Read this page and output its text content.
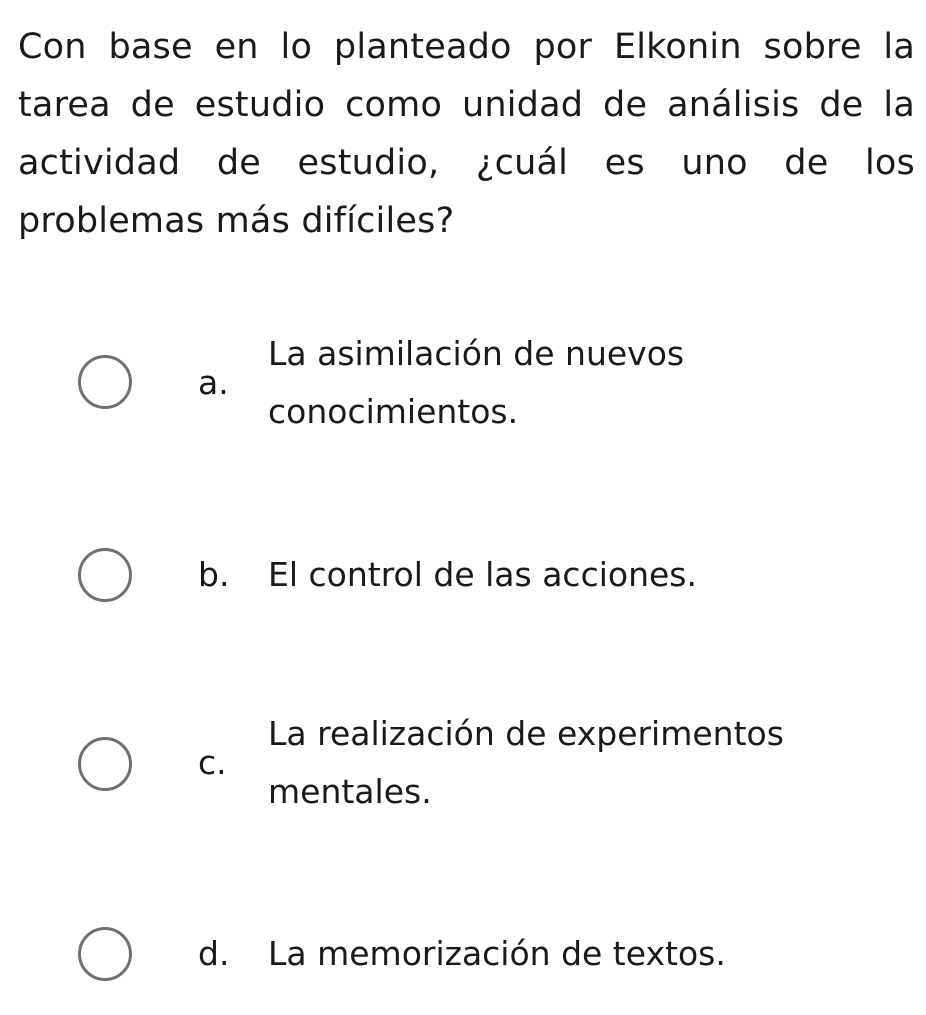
Con base en lo planteado por Elkonin sobre la tarea de estudio como unidad de análisis de la actividad de estudio, ¿cuál es uno de los problemas más difíciles?
a.
La asimilación de nuevos
conocimientos.
b. El control de las acciones.
c.
La realización de experimentos
mentales.
d. La memorización de textos.
